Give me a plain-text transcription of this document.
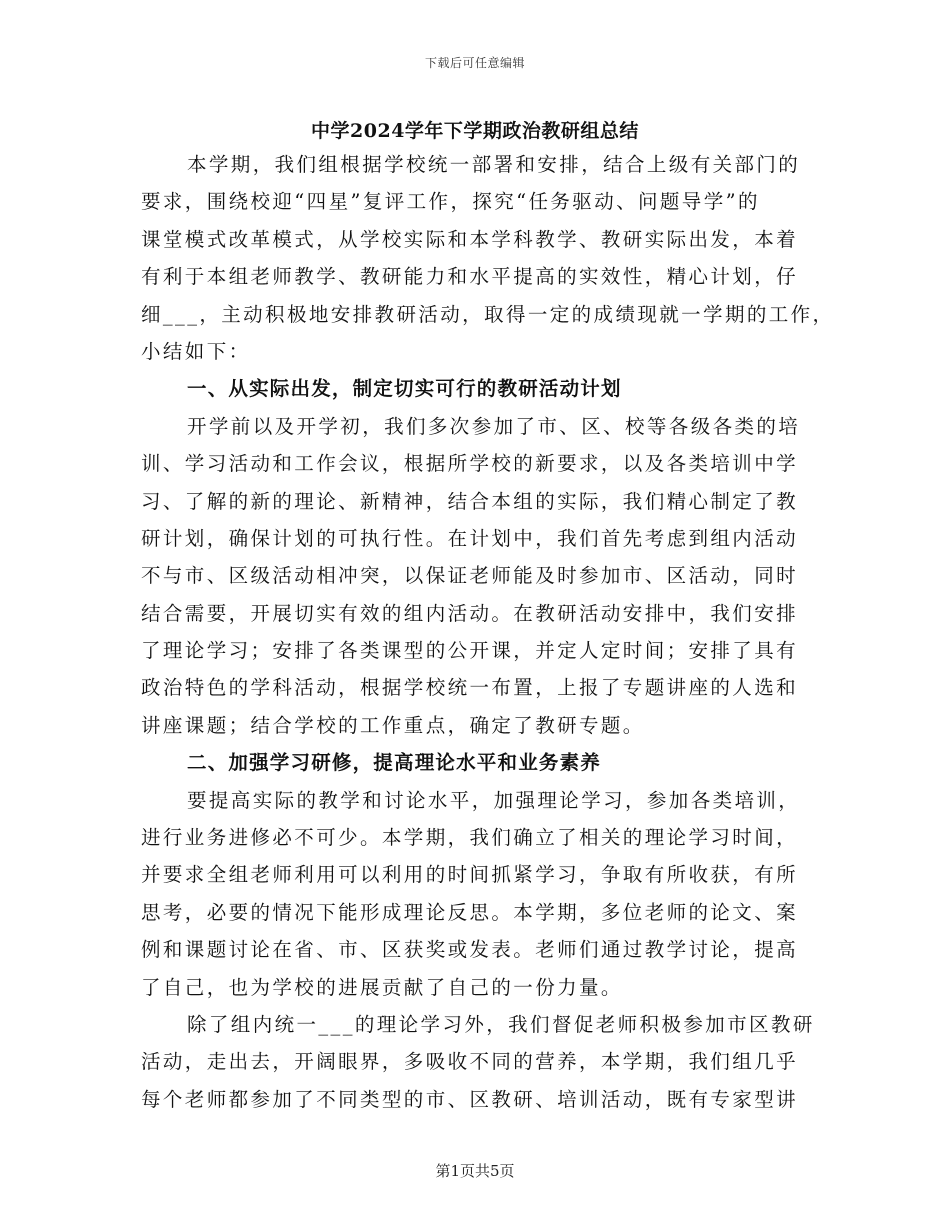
下载后可任意编辑
中学2024学年下学期政治教研组总结
本学期，我们组根据学校统一部署和安排，结合上级有关部门的
要求，围绕校迎“四星”复评工作，探究“任务驱动、问题导学”的
课堂模式改革模式，从学校实际和本学科教学、教研实际出发，本着
有利于本组老师教学、教研能力和水平提高的实效性，精心计划，仔
细___，主动积极地安排教研活动，取得一定的成绩现就一学期的工作，
小结如下：
一、从实际出发，制定切实可行的教研活动计划
开学前以及开学初，我们多次参加了市、区、校等各级各类的培
训、学习活动和工作会议，根据所学校的新要求，以及各类培训中学
习、了解的新的理论、新精神，结合本组的实际，我们精心制定了教
研计划，确保计划的可执行性。在计划中，我们首先考虑到组内活动
不与市、区级活动相冲突，以保证老师能及时参加市、区活动，同时
结合需要，开展切实有效的组内活动。在教研活动安排中，我们安排
了理论学习；安排了各类课型的公开课，并定人定时间；安排了具有
政治特色的学科活动，根据学校统一布置，上报了专题讲座的人选和
讲座课题；结合学校的工作重点，确定了教研专题。
二、加强学习研修，提高理论水平和业务素养
要提高实际的教学和讨论水平，加强理论学习，参加各类培训，
进行业务进修必不可少。本学期，我们确立了相关的理论学习时间，
并要求全组老师利用可以利用的时间抓紧学习，争取有所收获，有所
思考，必要的情况下能形成理论反思。本学期，多位老师的论文、案
例和课题讨论在省、市、区获奖或发表。老师们通过教学讨论，提高
了自己，也为学校的进展贡献了自己的一份力量。
除了组内统一___的理论学习外，我们督促老师积极参加市区教研
活动，走出去，开阔眼界，多吸收不同的营养，本学期，我们组几乎
每个老师都参加了不同类型的市、区教研、培训活动，既有专家型讲
第1页共5页
